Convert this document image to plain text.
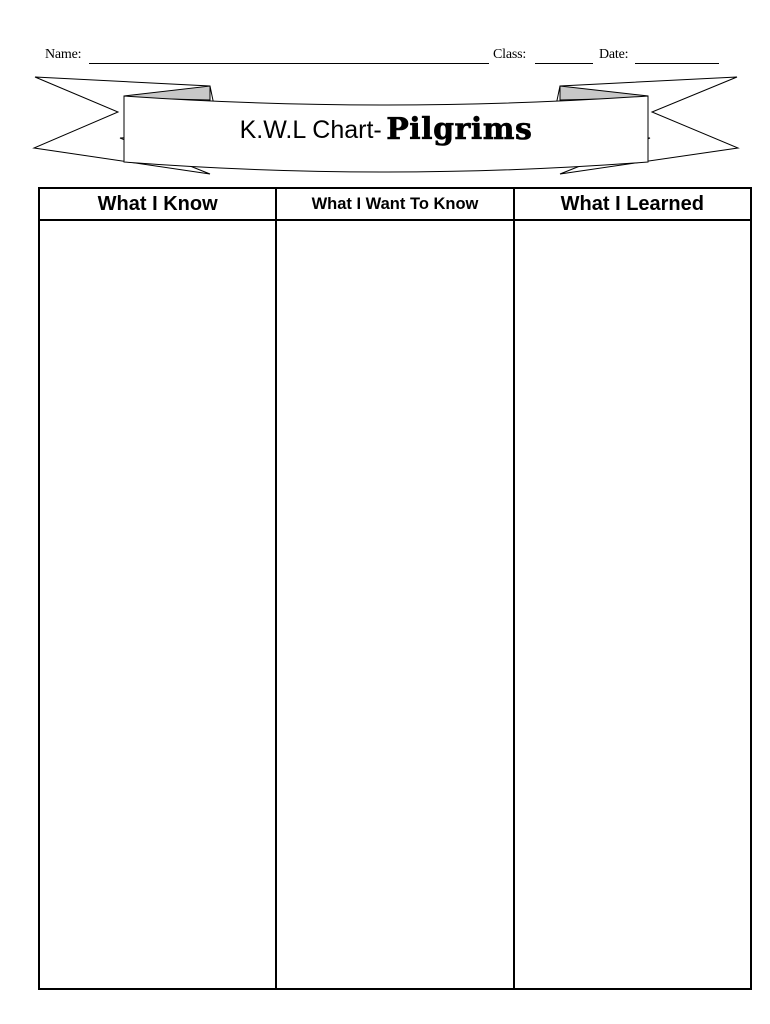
Name:	Class:	Date:
K.W.L Chart- Pilgrims
What I Know	What I Want To Know	What I Learned
